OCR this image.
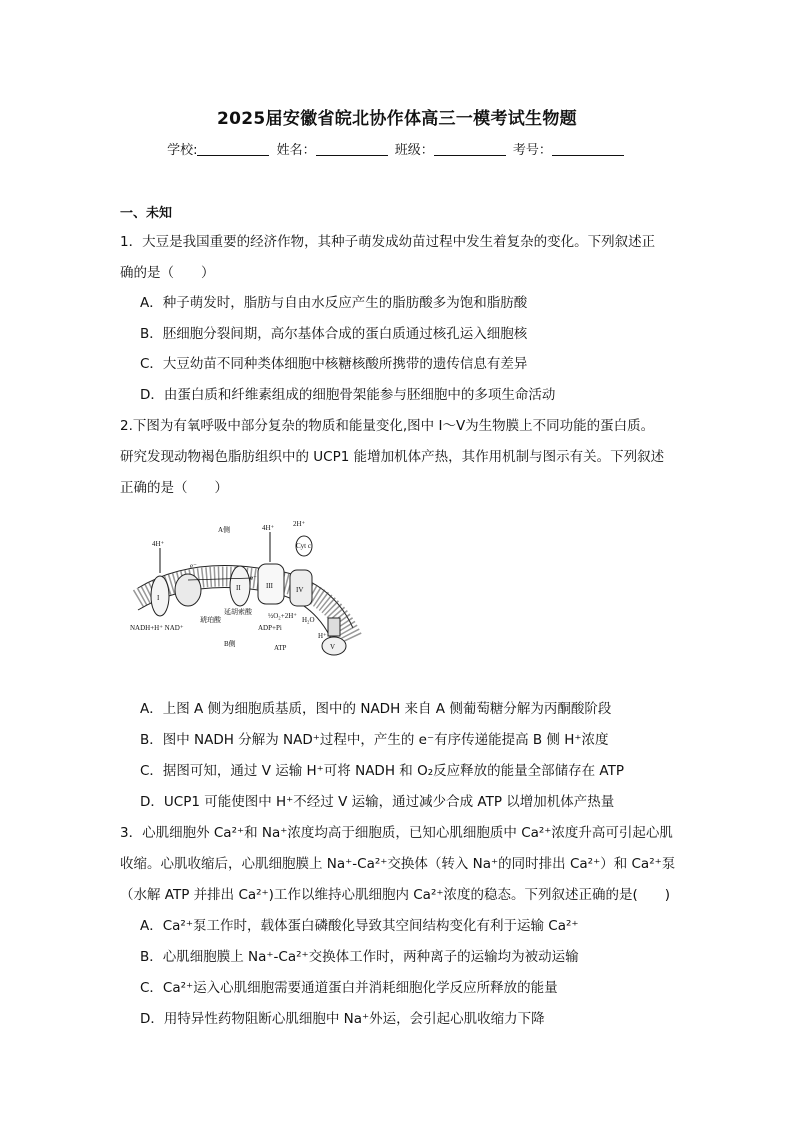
2025届安徽省皖北协作体高三一模考试生物题
学校:	姓名：	班级：	考号：
一、未知
1．大豆是我国重要的经济作物，其种子萌发成幼苗过程中发生着复杂的变化。下列叙述正
确的是（　　）
A．种子萌发时，脂肪与自由水反应产生的脂肪酸多为饱和脂肪酸
B．胚细胞分裂间期，高尔基体合成的蛋白质通过核孔运入细胞核
C．大豆幼苗不同种类体细胞中核糖核酸所携带的遗传信息有差异
D．由蛋白质和纤维素组成的细胞骨架能参与胚细胞中的多项生命活动
2.下图为有氧呼吸中部分复杂的物质和能量变化,图中 I～V为生物膜上不同功能的蛋白质。
研究发现动物褐色脂肪组织中的 UCP1 能增加机体产热，其作用机制与图示有关。下列叙述
正确的是（　　）
A侧
B侧
4H⁺
4H⁺	2H⁺
Cyt c
e⁻
e⁻
H₂O
½O₂+2H⁺
ADP+Pi
ATP
NADH+H⁺ NAD⁺
琥珀酸
延胡索酸
I
II	III	IV
V
H⁺
A．上图 A 侧为细胞质基质，图中的 NADH 来自 A 侧葡萄糖分解为丙酮酸阶段
B．图中 NADH 分解为 NAD⁺过程中，产生的 e⁻有序传递能提高 B 侧 H⁺浓度
C．据图可知，通过 V 运输 H⁺可将 NADH 和 O₂反应释放的能量全部储存在 ATP
D．UCP1 可能使图中 H⁺不经过 V 运输，通过减少合成 ATP 以增加机体产热量
3．心肌细胞外 Ca²⁺和 Na⁺浓度均高于细胞质，已知心肌细胞质中 Ca²⁺浓度升高可引起心肌
收缩。心肌收缩后，心肌细胞膜上 Na⁺-Ca²⁺交换体（转入 Na⁺的同时排出 Ca²⁺）和 Ca²⁺泵
（水解 ATP 并排出 Ca²⁺)工作以维持心肌细胞内 Ca²⁺浓度的稳态。下列叙述正确的是(　　)
A．Ca²⁺泵工作时，载体蛋白磷酸化导致其空间结构变化有利于运输 Ca²⁺
B．心肌细胞膜上 Na⁺-Ca²⁺交换体工作时，两种离子的运输均为被动运输
C．Ca²⁺运入心肌细胞需要通道蛋白并消耗细胞化学反应所释放的能量
D．用特异性药物阻断心肌细胞中 Na⁺外运，会引起心肌收缩力下降
